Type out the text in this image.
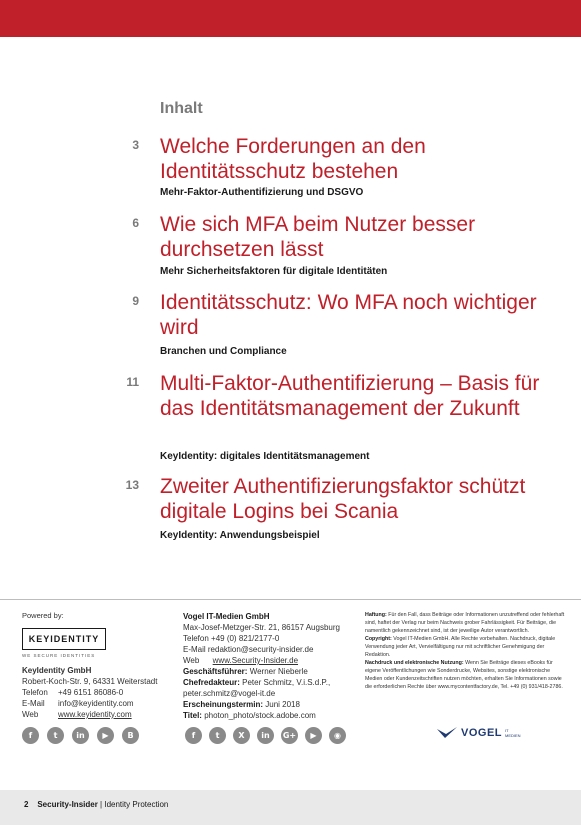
Inhalt
3 Welche Forderungen an den Identitätsschutz bestehen
Mehr-Faktor-Authentifizierung und DSGVO
6 Wie sich MFA beim Nutzer besser durchsetzen lässt
Mehr Sicherheitsfaktoren für digitale Identitäten
9 Identitätsschutz: Wo MFA noch wichtiger wird
Branchen und Compliance
11 Multi-Faktor-Authentifizierung – Basis für das Identitätsmanagement der Zukunft
KeyIdentity: digitales Identitätsmanagement
13 Zweiter Authentifizierungsfaktor schützt digitale Logins bei Scania
KeyIdentity: Anwendungsbeispiel
Powered by:
KEYIDENTITY
WE SECURE IDENTITIES
KeyIdentity GmbH
Robert-Koch-Str. 9, 64331 Weiterstadt
Telefon	+49 6151 86086-0
E-Mail	info@keyidentity.com
Web	www.keyidentity.com
f	t	in	▶	B
Vogel IT-Medien GmbH
Max-Josef-Metzger-Str. 21, 86157 Augsburg
Telefon +49 (0) 821/2177-0
E-Mail redaktion@security-insider.de
Web www.Security-Insider.de
Geschäftsführer: Werner Nieberle
Chefredakteur: Peter Schmitz, V.i.S.d.P.,
peter.schmitz@vogel-it.de
Erscheinungstermin: Juni 2018
Titel: photon_photo/stock.adobe.com
f	t	X	in	G+	▶	◉

Haftung: Für den Fall, dass Beiträge oder Informationen unzutreffend oder fehlerhaft sind, haftet der Verlag nur beim Nachweis grober Fahrlässigkeit. Für Beiträge, die namentlich gekennzeichnet sind, ist der jeweilige Autor verantwortlich.

Copyright: Vogel IT-Medien GmbH. Alle Rechte vorbehalten. Nachdruck, digitale Verwendung jeder Art, Vervielfältigung nur mit schriftlicher Genehmigung der Redaktion.

Nachdruck und elektronische Nutzung: Wenn Sie Beiträge dieses eBooks für eigene Veröffentlichungen wie Sonderdrucke, Websites, sonstige elektronische Medien oder Kundenzeitschriften nutzen möchten, erhalten Sie Informationen sowie die erforderlichen Rechte über www.mycontentfactory.de, Tel. +49 (0) 931/418-2786.

VOGEL IT
MEDIEN
2 Security-Insider | Identity Protection
